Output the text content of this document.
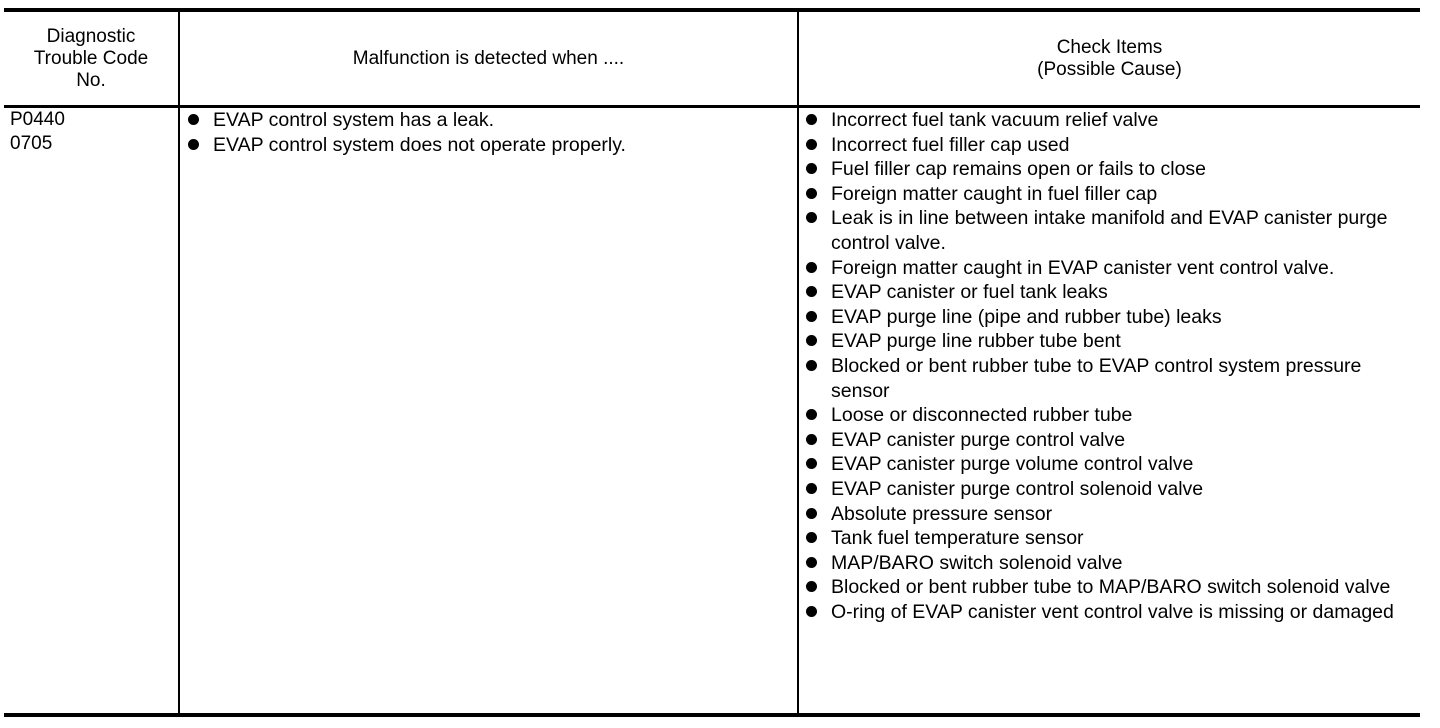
Diagnostic
Trouble Code
No.
Malfunction is detected when ....
Check Items
(Possible Cause)
P0440
0705
EVAP control system has a leak.
EVAP control system does not operate properly.
Incorrect fuel tank vacuum relief valve
Incorrect fuel filler cap used
Fuel filler cap remains open or fails to close
Foreign matter caught in fuel filler cap
Leak is in line between intake manifold and EVAP canister purge control valve.
Foreign matter caught in EVAP canister vent control valve.
EVAP canister or fuel tank leaks
EVAP purge line (pipe and rubber tube) leaks
EVAP purge line rubber tube bent
Blocked or bent rubber tube to EVAP control system pressure sensor
Loose or disconnected rubber tube
EVAP canister purge control valve
EVAP canister purge volume control valve
EVAP canister purge control solenoid valve
Absolute pressure sensor
Tank fuel temperature sensor
MAP/BARO switch solenoid valve
Blocked or bent rubber tube to MAP/BARO switch solenoid valve
O-ring of EVAP canister vent control valve is missing or damaged
